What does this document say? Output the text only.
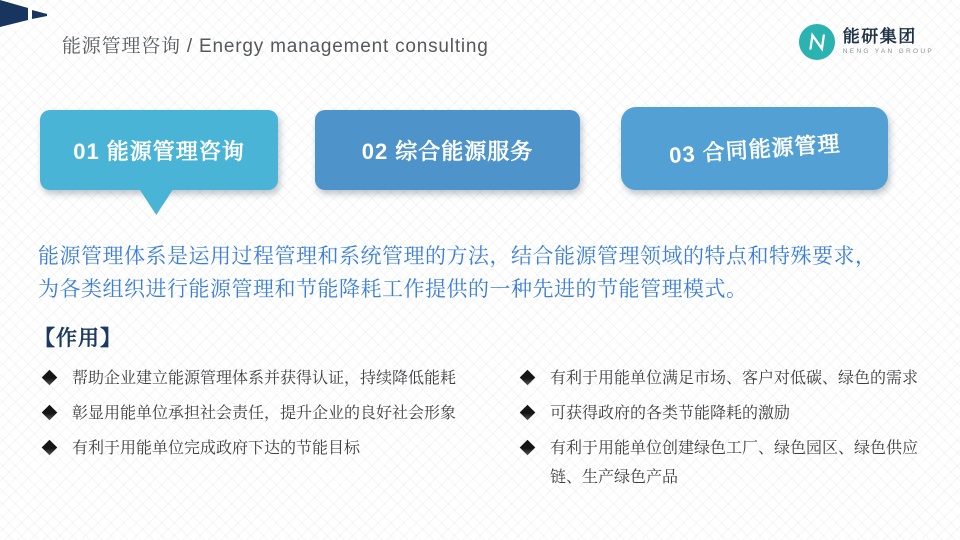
能源管理咨询 / Energy management consulting	能研集团
NENG YAN GROUP
01 能源管理咨询	02 综合能源服务	03 合同能源管理
能源管理体系是运用过程管理和系统管理的方法，结合能源管理领域的特点和特殊要求，
为各类组织进行能源管理和节能降耗工作提供的一种先进的节能管理模式。
【作用】
帮助企业建立能源管理体系并获得认证，持续降低能耗
彰显用能单位承担社会责任，提升企业的良好社会形象
有利于用能单位完成政府下达的节能目标
有利于用能单位满足市场、客户对低碳、绿色的需求
可获得政府的各类节能降耗的激励
有利于用能单位创建绿色工厂、绿色园区、绿色供应链、生产绿色产品
